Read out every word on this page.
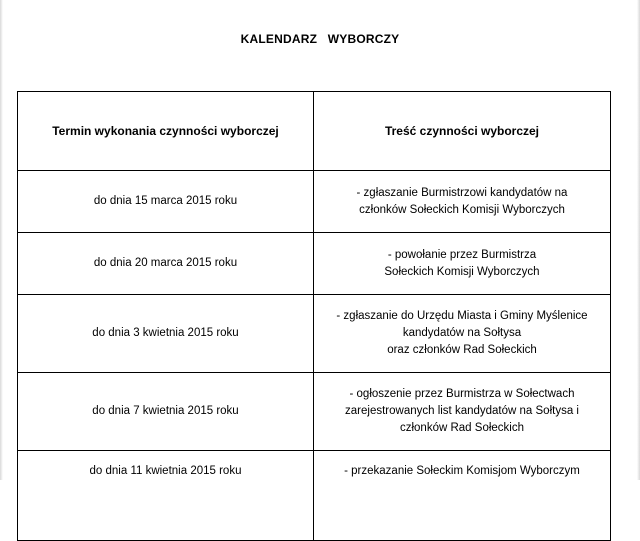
KALENDARZ   WYBORCZY
Termin wykonania czynności wyborczej	Treść czynności wyborczej
do dnia 15 marca 2015 roku	- zgłaszanie Burmistrzowi kandydatów na
członków Sołeckich Komisji Wyborczych

do dnia 20 marca 2015 roku	- powołanie przez Burmistrza
Sołeckich Komisji Wyborczych

do dnia 3 kwietnia 2015 roku	- zgłaszanie do Urzędu Miasta i Gminy Myślenice
kandydatów na Sołtysa
oraz członków Rad Sołeckich

do dnia 7 kwietnia 2015 roku	- ogłoszenie przez Burmistrza w Sołectwach
zarejestrowanych list kandydatów na Sołtysa i
członków Rad Sołeckich

do dnia 11 kwietnia 2015 roku	- przekazanie Sołeckim Komisjom Wyborczym
